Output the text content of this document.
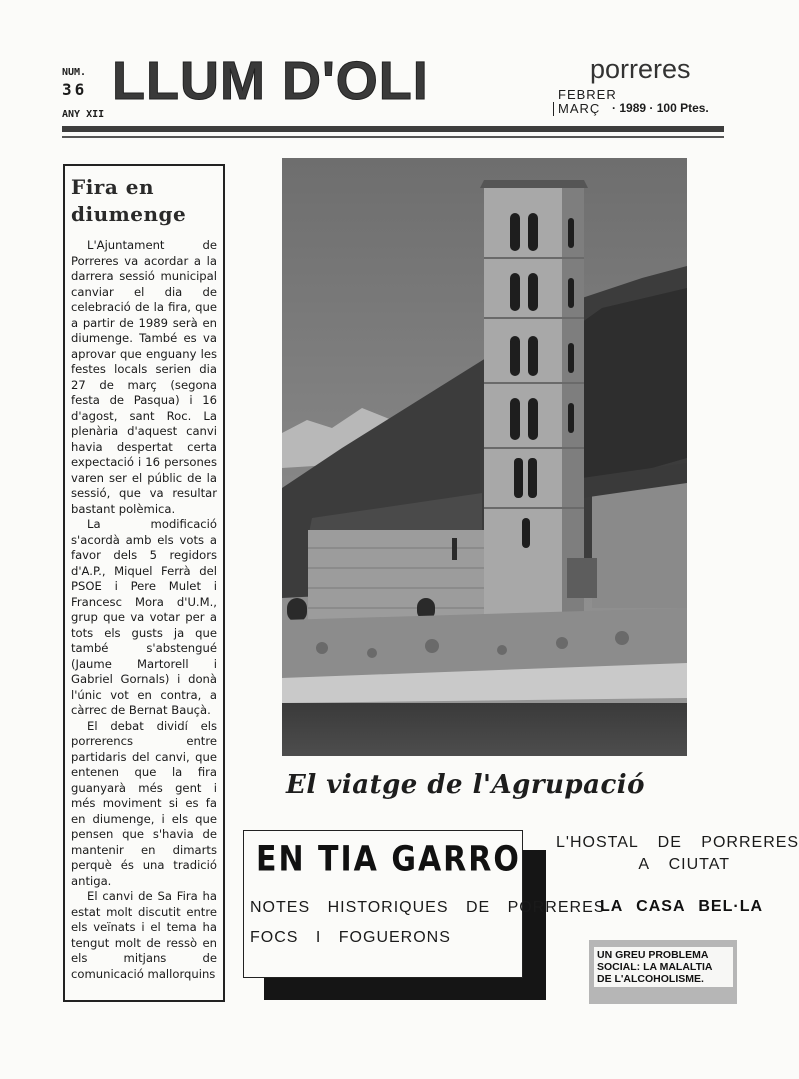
NUM.
36
ANY XII
LLUM D'OLI	porreres
FEBRER
MARÇ · 1989 · 100 Ptes.
Fira en
diumenge

L'Ajuntament de Porreres va acordar a la darrera sessió municipal canviar el dia de celebració de la fira, que a partir de 1989 serà en diumenge. També es va aprovar que enguany les festes locals serien dia 27 de març (segona festa de Pasqua) i 16 d'agost, sant Roc. La plenària d'aquest canvi havia despertat certa expectació i 16 persones varen ser el públic de la sessió, que va resultar bastant polèmica.

La modificació s'acordà amb els vots a favor dels 5 regidors d'A.P., Miquel Ferrà del PSOE i Pere Mulet i Francesc Mora d'U.M., grup que va votar per a tots els gusts ja que també s'abstengué (Jaume Martorell i Gabriel Gornals) i donà l'únic vot en contra, a càrrec de Bernat Bauçà.

El debat dividí els porrerencs entre partidaris del canvi, que entenen que la fira guanyarà més gent i més moviment si es fa en diumenge, i els que pensen que s'havia de mantenir en dimarts perquè és una tradició antiga.

El canvi de Sa Fira ha estat molt discutit entre els veïnats i el tema ha tengut molt de ressò en els mitjans de comunicació mallorquins

El viatge de l'Agrupació
EN TIA GARRO
NOTES HISTORIQUES DE PORRERES
FOCS I FOGUERONS
L'HOSTAL DE PORRERES
A CIUTAT
LA CASA BEL·LA
UN GREU PROBLEMA
SOCIAL: LA MALALTIA
DE L'ALCOHOLISME.
